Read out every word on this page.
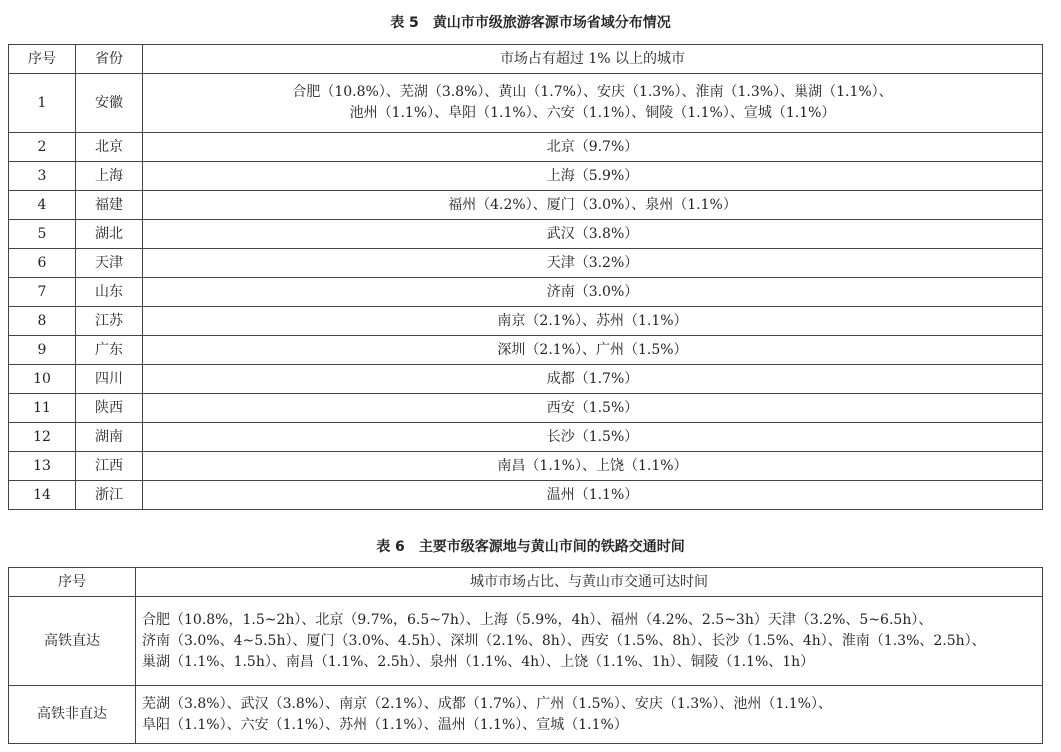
表 5 黄山市市级旅游客源市场省域分布情况
序号	省份	市场占有超过 1% 以上的城市
1	安徽	合肥（10.8%）、芜湖（3.8%）、黄山（1.7%）、安庆（1.3%）、淮南（1.3%）、巢湖（1.1%）、
池州（1.1%）、阜阳（1.1%）、六安（1.1%）、铜陵（1.1%）、宣城（1.1%）

2	北京	北京（9.7%）
3	上海	上海（5.9%）
4	福建	福州（4.2%）、厦门（3.0%）、泉州（1.1%）
5	湖北	武汉（3.8%）
6	天津	天津（3.2%）
7	山东	济南（3.0%）
8	江苏	南京（2.1%）、苏州（1.1%）
9	广东	深圳（2.1%）、广州（1.5%）
10	四川	成都（1.7%）
11	陕西	西安（1.5%）
12	湖南	长沙（1.5%）
13	江西	南昌（1.1%）、上饶（1.1%）
14	浙江	温州（1.1%）
表 6 主要市级客源地与黄山市间的铁路交通时间
序号	城市市场占比、与黄山市交通可达时间
高铁直达	合肥（10.8%，1.5~2h）、北京（9.7%，6.5~7h）、上海（5.9%，4h）、福州（4.2%、2.5~3h）天津（3.2%、5~6.5h）、
济南（3.0%、4~5.5h）、厦门（3.0%、4.5h）、深圳（2.1%、8h）、西安（1.5%、8h）、长沙（1.5%、4h）、淮南（1.3%、2.5h）、
巢湖（1.1%、1.5h）、南昌（1.1%、2.5h）、泉州（1.1%、4h）、上饶（1.1%、1h）、铜陵（1.1%、1h）

高铁非直达	芜湖（3.8%）、武汉（3.8%）、南京（2.1%）、成都（1.7%）、广州（1.5%）、安庆（1.3%）、池州（1.1%）、
阜阳（1.1%）、六安（1.1%）、苏州（1.1%）、温州（1.1%）、宣城（1.1%）
